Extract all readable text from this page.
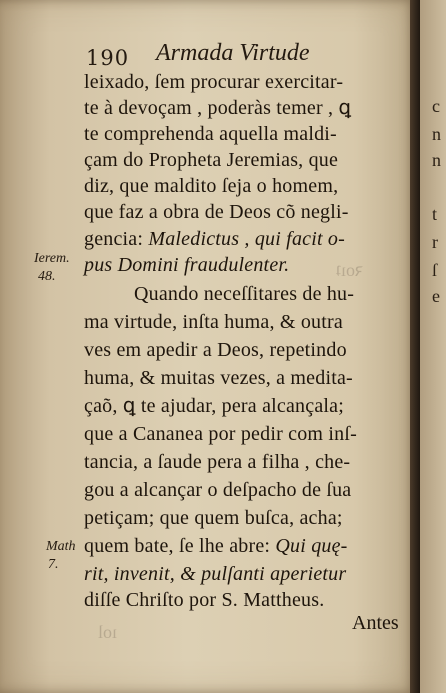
190 Armada Virtude
leixado, ſem procurar exercitar-
te à devoçam , poderàs temer , ꝗ
te comprehenda aquella maldi-
çam do Propheta Jeremias, que
diz, que maldito ſeja o homem,
que faz a obra de Deos cõ negli-
gencia: Maledictus , qui facit o-
pus Domini fraudulenter.
Quando neceſſitares de hu-
ma virtude, inſta huma, & outra
ves em apedir a Deos, repetindo
huma, & muitas vezes, a medita-
çaõ, ꝗ te ajudar, pera alcançala;
que a Cananea por pedir com inſ-
tancia, a ſaude pera a filha , che-
gou a alcançar o deſpacho de ſua
petiçam; que quem buſca, acha;
quem bate, ſe lhe abre: Qui quę-
rit, invenit, & pulſanti aperietur
diſſe Chriſto por S. Mattheus.
Ierem.
48.
Math
7.
Antes
ꝛoıʇ
ıol
c
n
n
t
r
ſ
e
